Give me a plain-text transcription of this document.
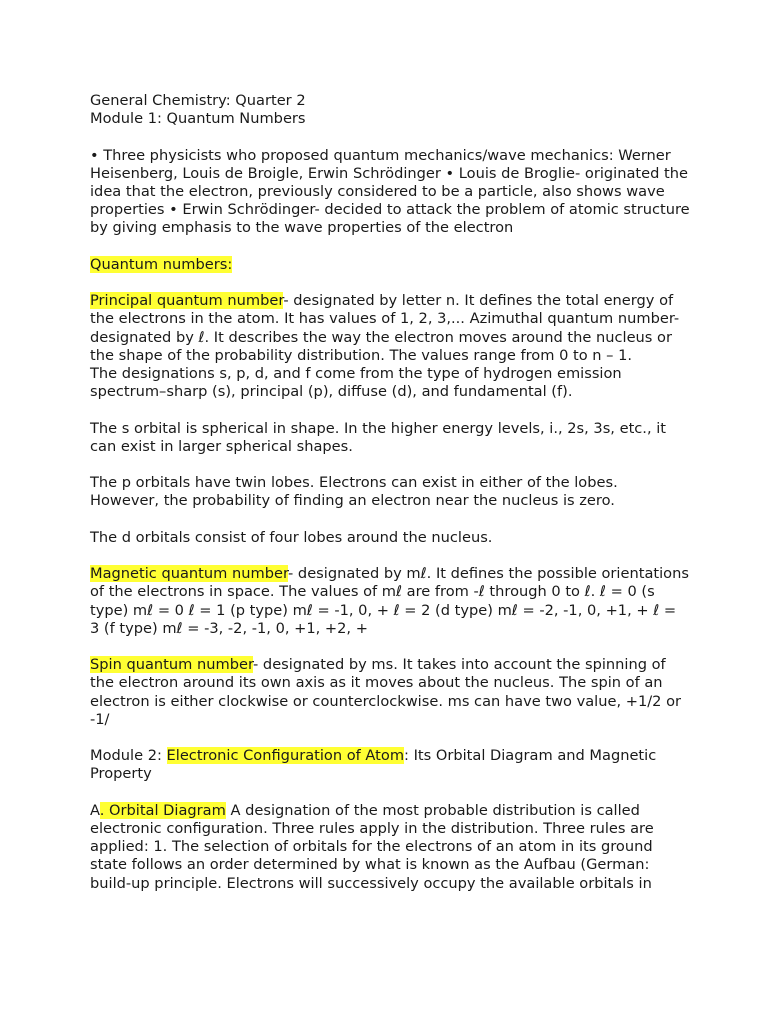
General Chemistry: Quarter 2
Module 1: Quantum Numbers

• Three physicists who proposed quantum mechanics/wave mechanics: Werner Heisenberg, Louis de Broigle, Erwin Schrödinger • Louis de Broglie- originated the idea that the electron, previously considered to be a particle, also shows wave properties • Erwin Schrödinger- decided to attack the problem of atomic structure by giving emphasis to the wave properties of the electron

Quantum numbers:

Principal quantum number- designated by letter n. It defines the total energy of the electrons in the atom. It has values of 1, 2, 3,... Azimuthal quantum number- designated by ℓ. It describes the way the electron moves around the nucleus or the shape of the probability distribution. The values range from 0 to n – 1.

The designations s, p, d, and f come from the type of hydrogen emission spectrum–sharp (s), principal (p), diffuse (d), and fundamental (f).

The s orbital is spherical in shape. In the higher energy levels, i., 2s, 3s, etc., it can exist in larger spherical shapes.

The p orbitals have twin lobes. Electrons can exist in either of the lobes. However, the probability of finding an electron near the nucleus is zero.

The d orbitals consist of four lobes around the nucleus.

Magnetic quantum number- designated by mℓ. It defines the possible orientations of the electrons in space. The values of mℓ are from -ℓ through 0 to ℓ. ℓ = 0 (s type) mℓ = 0 ℓ = 1 (p type) mℓ = -1, 0, + ℓ = 2 (d type) mℓ = -2, -1, 0, +1, + ℓ = 3 (f type) mℓ = -3, -2, -1, 0, +1, +2, +

Spin quantum number- designated by ms. It takes into account the spinning of the electron around its own axis as it moves about the nucleus. The spin of an electron is either clockwise or counterclockwise. ms can have two value, +1/2 or -1/

Module 2: Electronic Configuration of Atom: Its Orbital Diagram and Magnetic Property

A. Orbital Diagram A designation of the most probable distribution is called electronic configuration. Three rules apply in the distribution. Three rules are applied: 1. The selection of orbitals for the electrons of an atom in its ground state follows an order determined by what is known as the Aufbau (German: build-up principle. Electrons will successively occupy the available orbitals in
